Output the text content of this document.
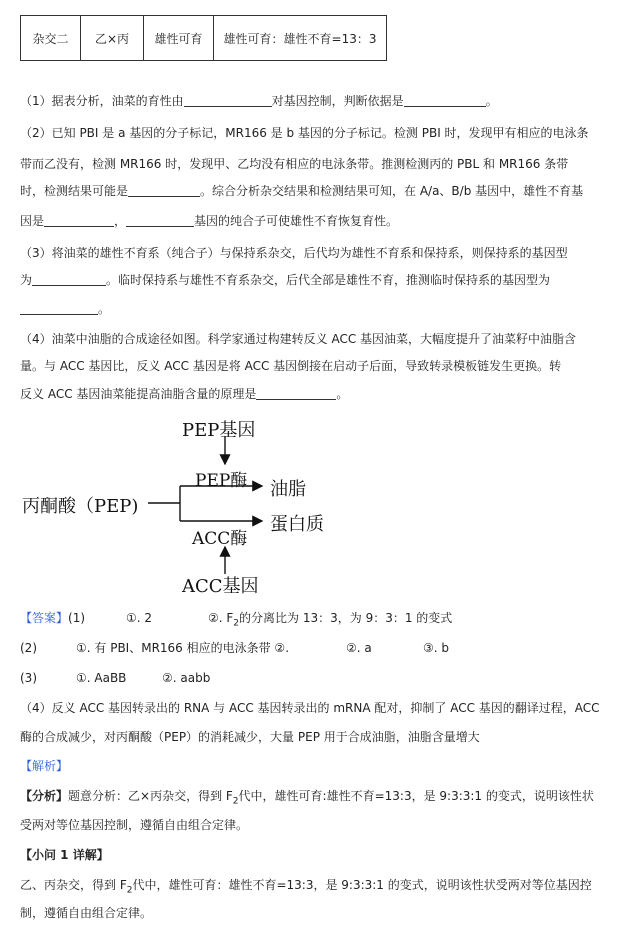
杂交二	乙×丙	雄性可育	雄性可育：雄性不育=13：3
（1）据表分析，油菜的育性由	对基因控制，判断依据是	。
（2）已知 PBI 是 a 基因的分子标记，MR166 是 b 基因的分子标记。检测 PBI 时，发现甲有相应的电泳条
带而乙没有，检测 MR166 时，发现甲、乙均没有相应的电泳条带。推测检测丙的 PBL 和 MR166 条带
时，检测结果可能是	。综合分析杂交结果和检测结果可知，在 A/a、B/b 基因中，雄性不育基
因是	，	基因的纯合子可使雄性不育恢复育性。
（3）将油菜的雄性不育系（纯合子）与保持系杂交，后代均为雄性不育系和保持系，则保持系的基因型
为	。临时保持系与雄性不育系杂交，后代全部是雄性不育，推测临时保持系的基因型为
。
（4）油菜中油脂的合成途径如图。科学家通过构建转反义 ACC 基因油菜，大幅度提升了油菜籽中油脂含
量。与 ACC 基因比，反义 ACC 基因是将 ACC 基因倒接在启动子后面，导致转录模板链发生更换。转
反义 ACC 基因油菜能提高油脂含量的原理是	。
PEP基因
PEP酶 油脂
丙酮酸（PEP)
蛋白质
ACC酶
ACC基因
【答案】(1)	①. 2	②. $F_2$的分离比为 13：3，为 9：3：1 的变式
(2)	①. 有 PBI、MR166 相应的电泳条带 ②.	②. a	③. b
(3)	①. AaBB	②. aabb
（4）反义 ACC 基因转录出的 RNA 与 ACC 基因转录出的 mRNA 配对，抑制了 ACC 基因的翻译过程，ACC
酶的合成减少，对丙酮酸（PEP）的消耗减少，大量 PEP 用于合成油脂，油脂含量增大
【解析】
【分析】题意分析：乙×丙杂交，得到 $F_2$代中，雄性可育:雄性不育=13:3，是 9:3:3:1 的变式，说明该性状
受两对等位基因控制，遵循自由组合定律。
【小问 1 详解】
乙、丙杂交，得到 $F_2$代中，雄性可育：雄性不育=13:3，是 9:3:3:1 的变式，说明该性状受两对等位基因控
制，遵循自由组合定律。
